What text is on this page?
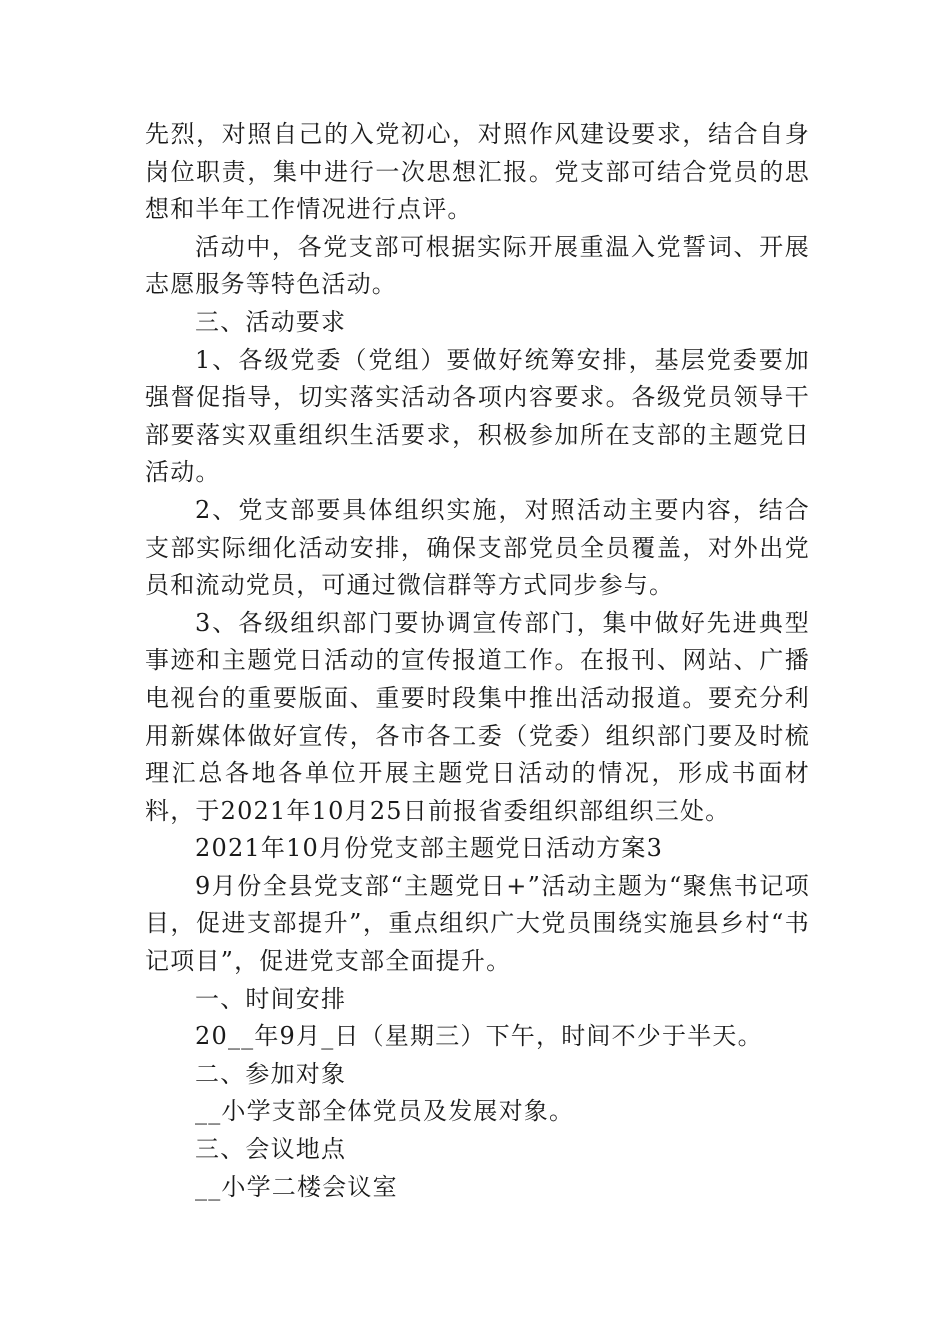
先烈，对照自己的入党初心，对照作风建设要求，结合自身岗位职责，集中进行一次思想汇报。党支部可结合党员的思想和半年工作情况进行点评。

活动中，各党支部可根据实际开展重温入党誓词、开展志愿服务等特色活动。

三、活动要求

1、各级党委（党组）要做好统筹安排，基层党委要加强督促指导，切实落实活动各项内容要求。各级党员领导干部要落实双重组织生活要求，积极参加所在支部的主题党日活动。

2、党支部要具体组织实施，对照活动主要内容，结合支部实际细化活动安排，确保支部党员全员覆盖，对外出党员和流动党员，可通过微信群等方式同步参与。

3、各级组织部门要协调宣传部门，集中做好先进典型事迹和主题党日活动的宣传报道工作。在报刊、网站、广播电视台的重要版面、重要时段集中推出活动报道。要充分利用新媒体做好宣传，各市各工委（党委）组织部门要及时梳理汇总各地各单位开展主题党日活动的情况，形成书面材料，于2021年10月25日前报省委组织部组织三处。

2021年10月份党支部主题党日活动方案3

9月份全县党支部“主题党日+”活动主题为“聚焦书记项目，促进支部提升”，重点组织广大党员围绕实施县乡村“书记项目”，促进党支部全面提升。

一、时间安排

20__年9月_日（星期三）下午，时间不少于半天。

二、参加对象

__小学支部全体党员及发展对象。

三、会议地点

__小学二楼会议室
